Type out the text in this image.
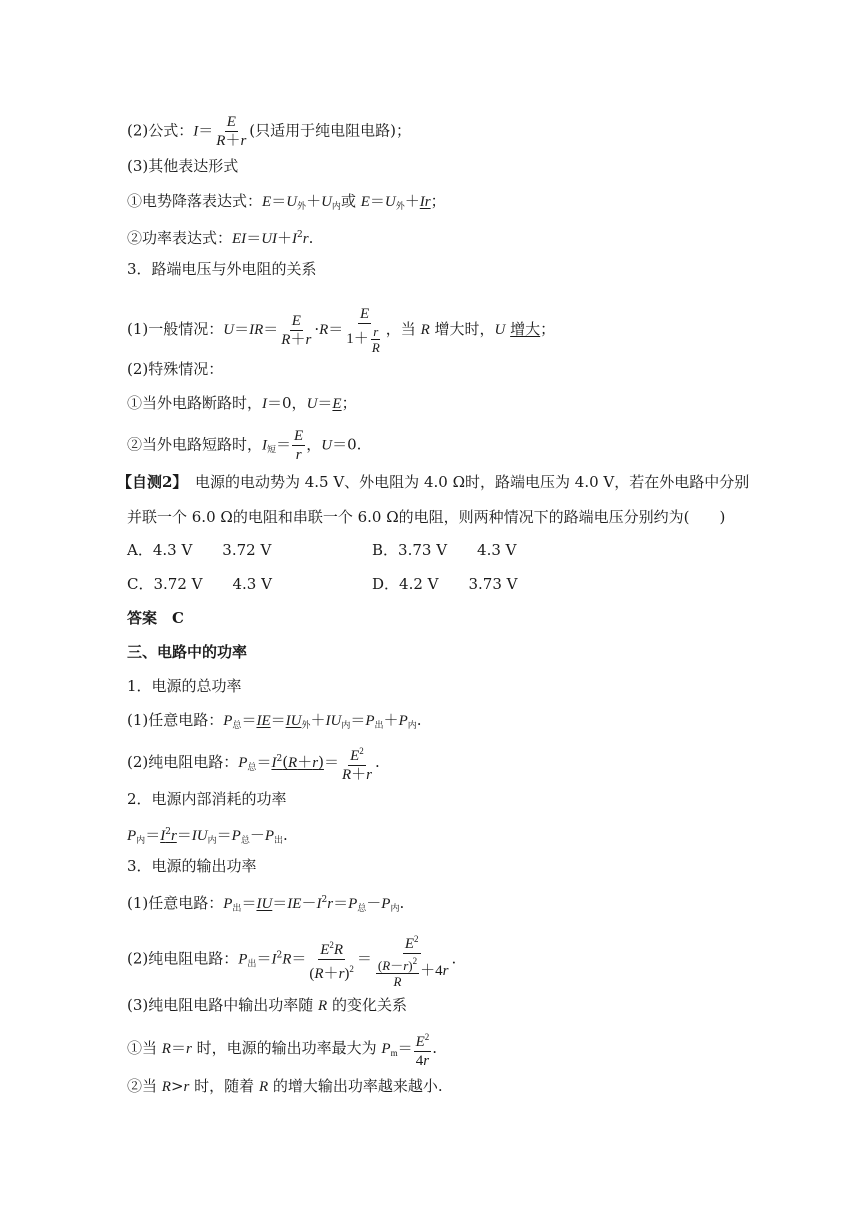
(2)公式：$I= \frac{E}{R+r}$ (只适用于纯电阻电路)；
(3)其他表达形式
①电势降落表达式：$E=U_外+U_内$或 $E=U_外+Ir$；
②功率表达式：$EI=UI+I^2r$.
3．路端电压与外电阻的关系
(1)一般情况：$U=IR= \frac{E}{R+r} \cdot R= \frac{E}{1+ \frac{r}{R}}$ ，当 R 增大时，U 增大；
(2)特殊情况：
①当外电路断路时，I＝0，U＝E；
②当外电路短路时，$I_短= \frac{E}{r}$ ，U＝0.
【自测2】　 电源的电动势为 4.5 V、外电阻为 4.0 Ω时，路端电压为 4.0 V，若在外电路中分别
并联一个 6.0 Ω的电阻和串联一个 6.0 Ω的电阻，则两种情况下的路端电压分别约为(　　)
A．4.3 V　　3.72 V	B．3.73 V　　4.3 V
C．3.72 V　　4.3 V	D．4.2 V　　3.73 V
答案　C
三、电路中的功率
1．电源的总功率
(1)任意电路：$P_总=IE=IU_外+IU_内=P_出+P_内$.
(2)纯电阻电路：$P_总=I^2(R+r)= \frac{E^2}{R+r}$ .
2．电源内部消耗的功率
$P_内=I^2r=IU_内=P_总-P_出$.
3．电源的输出功率
(1)任意电路：$P_出=IU=IE-I^2r=P_总-P_内$.
(2)纯电阻电路：$P_出=I^2R= \frac{E^2R}{(R+r)^2} = \frac{E^2}{\frac{(R-r)^2}{R} +4r}$ .
(3)纯电阻电路中输出功率随 R 的变化关系
①当 R＝r 时，电源的输出功率最大为 $P_m= \frac{E^2}{4r}$ .
②当 R>r 时，随着 R 的增大输出功率越来越小.
